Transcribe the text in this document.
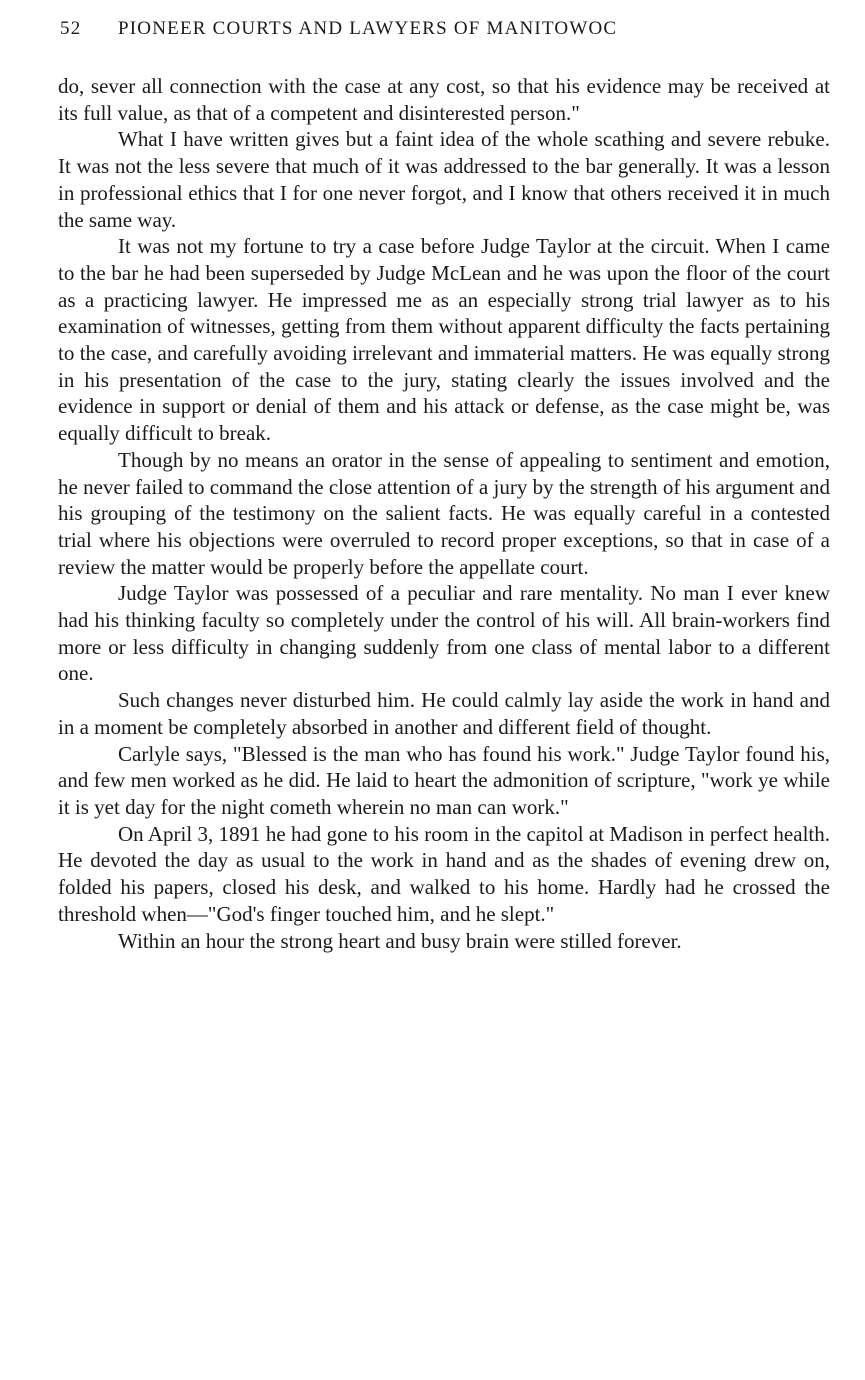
52 PIONEER COURTS AND LAWYERS OF MANITOWOC

do, sever all connection with the case at any cost, so that his evidence may be received at its full value, as that of a competent and disinterested person."

What I have written gives but a faint idea of the whole scathing and severe rebuke. It was not the less severe that much of it was addressed to the bar generally. It was a lesson in professional ethics that I for one never forgot, and I know that others received it in much the same way.

It was not my fortune to try a case before Judge Taylor at the circuit. When I came to the bar he had been superseded by Judge McLean and he was upon the floor of the court as a practicing lawyer. He impressed me as an especially strong trial lawyer as to his examination of witnesses, getting from them without apparent difficulty the facts pertaining to the case, and carefully avoiding irrelevant and immaterial matters. He was equally strong in his presentation of the case to the jury, stating clearly the issues involved and the evidence in support or denial of them and his attack or defense, as the case might be, was equally difficult to break.

Though by no means an orator in the sense of appealing to sentiment and emotion, he never failed to command the close attention of a jury by the strength of his argument and his grouping of the testimony on the salient facts. He was equally careful in a contested trial where his objections were overruled to record proper exceptions, so that in case of a review the matter would be properly before the appellate court.

Judge Taylor was possessed of a peculiar and rare mentality. No man I ever knew had his thinking faculty so completely under the control of his will. All brain-workers find more or less difficulty in changing suddenly from one class of mental labor to a different one.

Such changes never disturbed him. He could calmly lay aside the work in hand and in a moment be completely absorbed in another and different field of thought.

Carlyle says, "Blessed is the man who has found his work." Judge Taylor found his, and few men worked as he did. He laid to heart the admonition of scripture, "work ye while it is yet day for the night cometh wherein no man can work."

On April 3, 1891 he had gone to his room in the capitol at Madison in perfect health. He devoted the day as usual to the work in hand and as the shades of evening drew on, folded his papers, closed his desk, and walked to his home. Hardly had he crossed the threshold when—"God's finger touched him, and he slept."

Within an hour the strong heart and busy brain were stilled forever.
